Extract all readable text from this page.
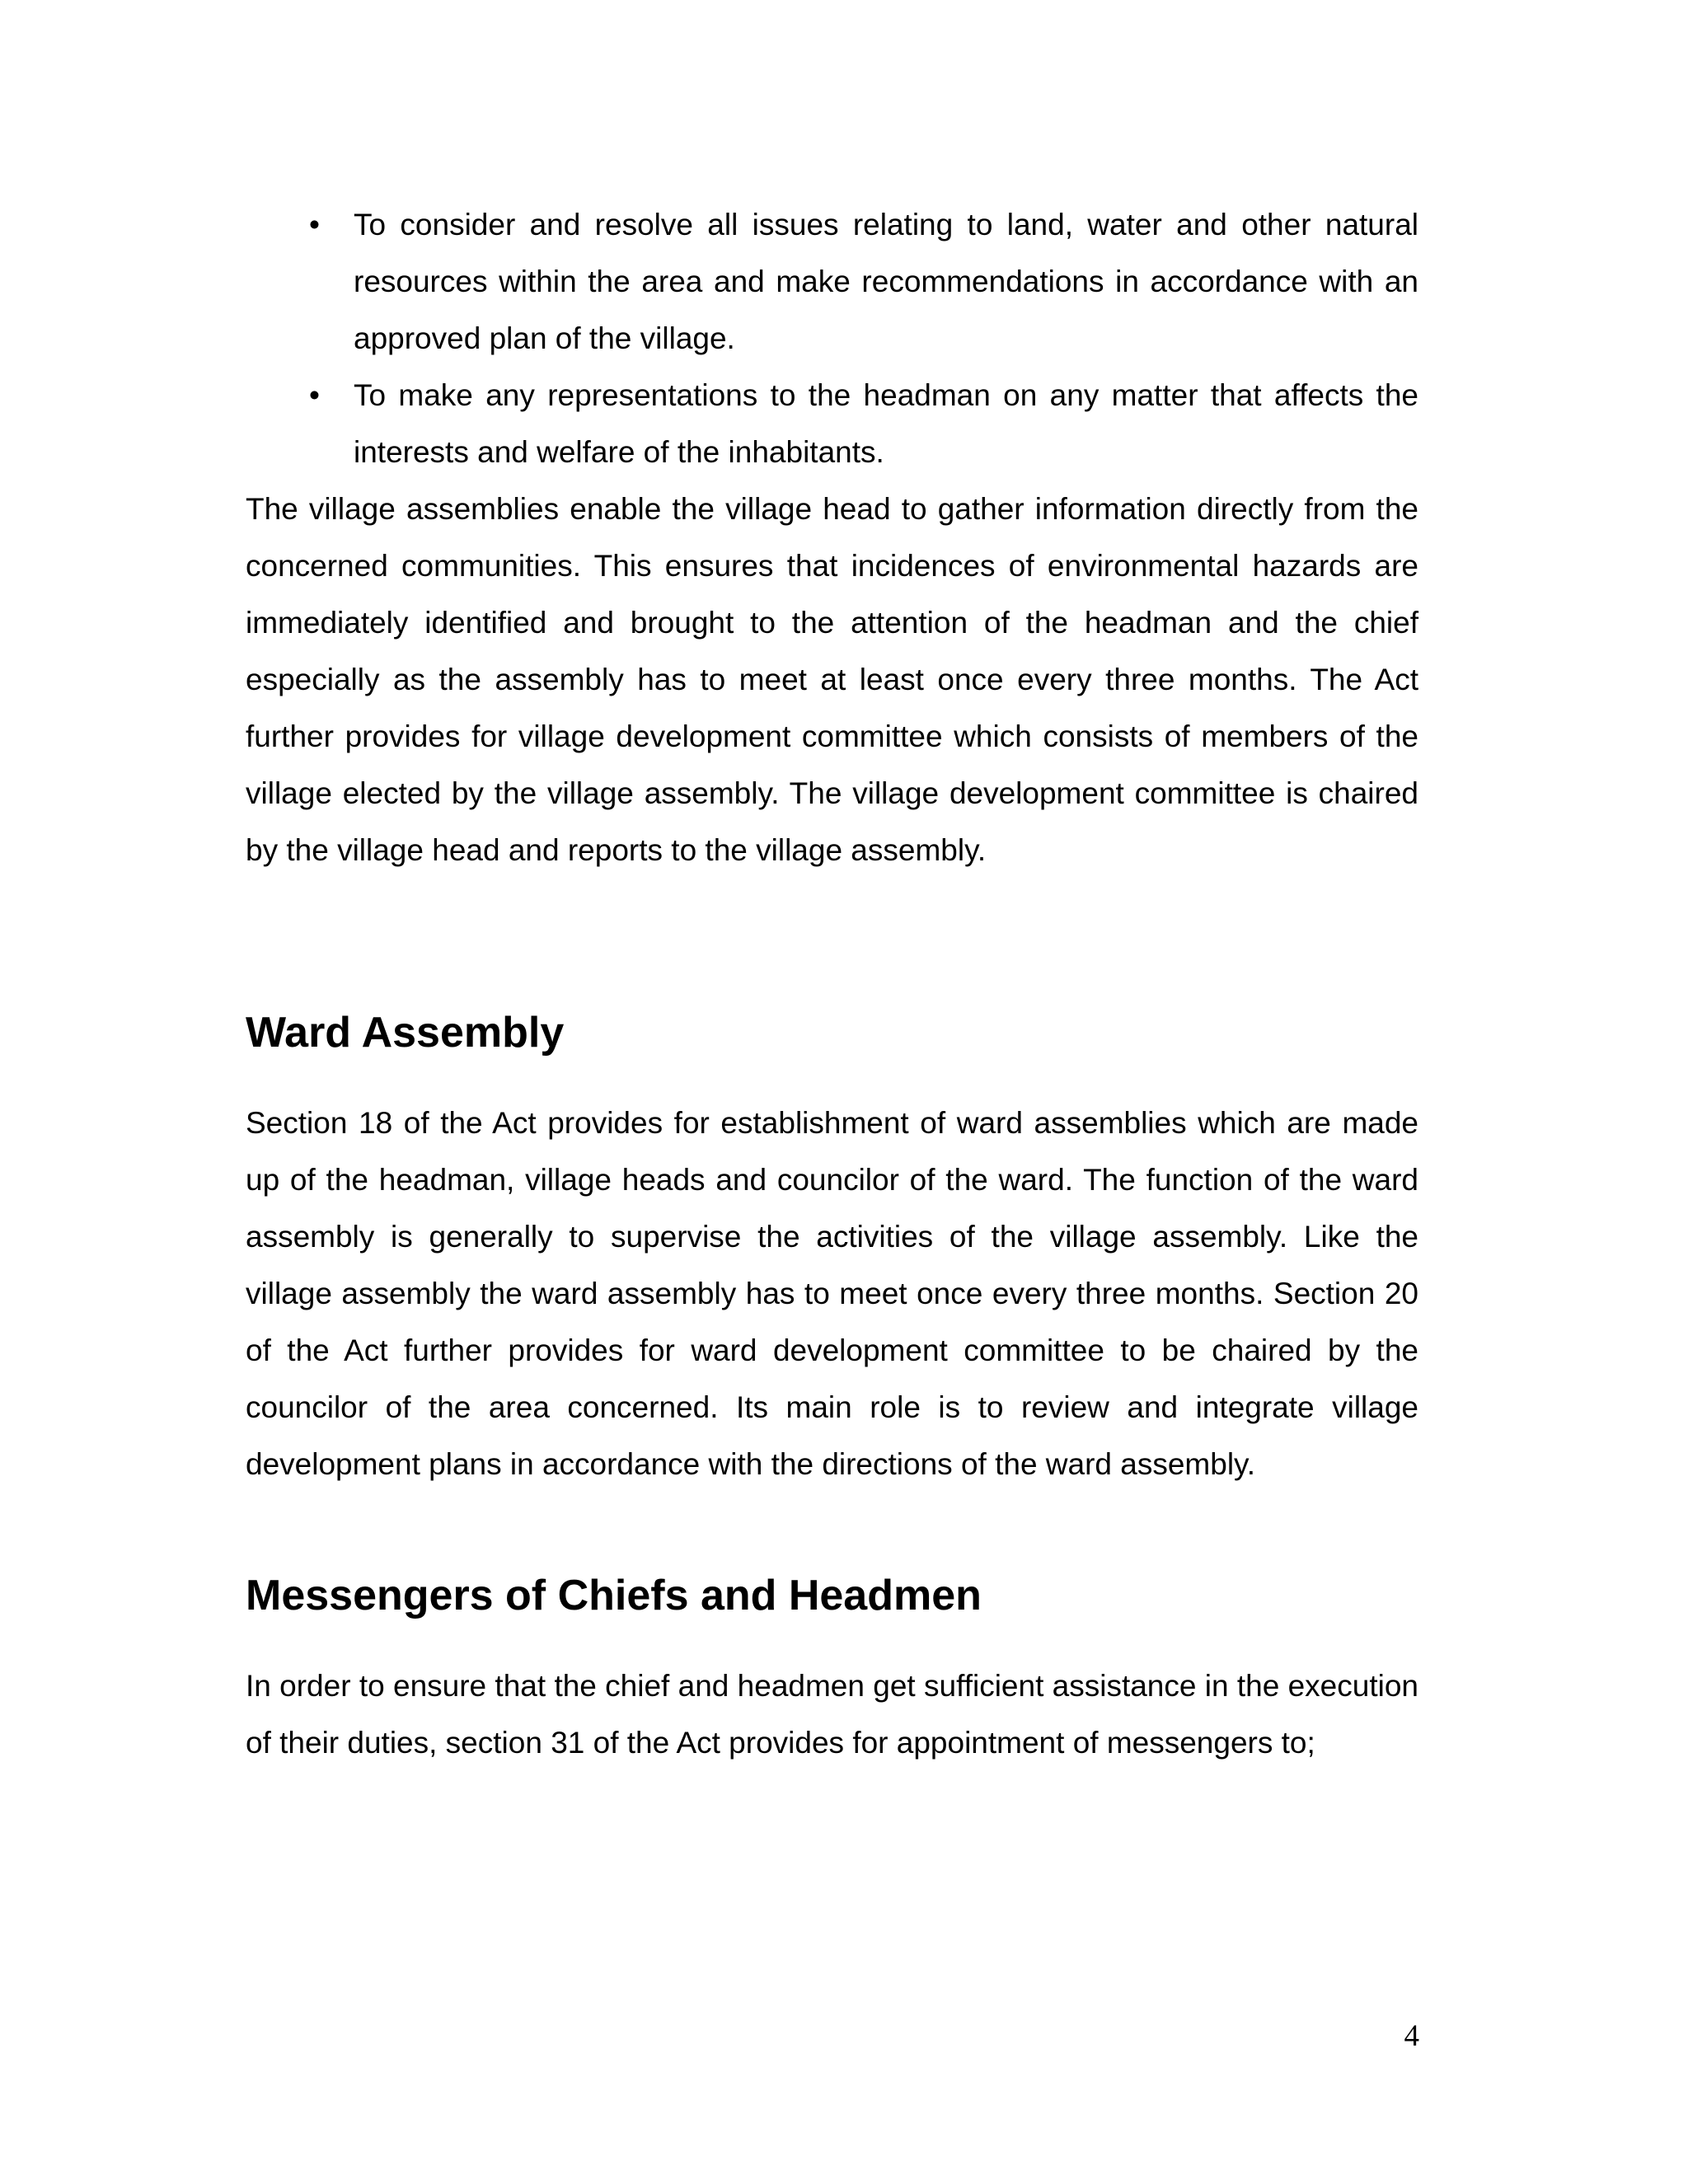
• To consider and resolve all issues relating to land, water and other natural resources within the area and make recommendations in accordance with an approved plan of the village.
• To make any representations to the headman on any matter that affects the interests and welfare of the inhabitants.

The village assemblies enable the village head to gather information directly from the concerned communities. This ensures that incidences of environmental hazards are immediately identified and brought to the attention of the headman and the chief especially as the assembly has to meet at least once every three months. The Act further provides for village development committee which consists of members of the village elected by the village assembly. The village development committee is chaired by the village head and reports to the village assembly.

Ward Assembly

Section 18 of the Act provides for establishment of ward assemblies which are made up of the headman, village heads and councilor of the ward. The function of the ward assembly is generally to supervise the activities of the village assembly. Like the village assembly the ward assembly has to meet once every three months. Section 20 of the Act further provides for ward development committee to be chaired by the councilor of the area concerned. Its main role is to review and integrate village development plans in accordance with the directions of the ward assembly.

Messengers of Chiefs and Headmen

In order to ensure that the chief and headmen get sufficient assistance in the execution of their duties, section 31 of the Act provides for appointment of messengers to;

4
